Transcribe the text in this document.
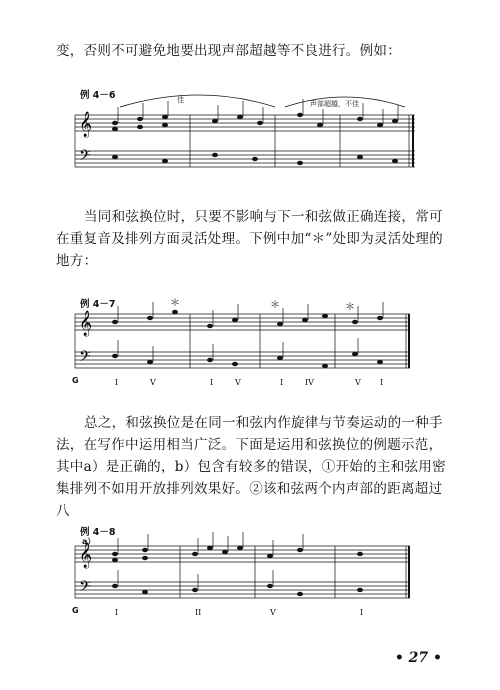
变，否则不可避免地要出现声部超越等不良进行。例如：

例 4－6	佳	声部超越，不佳
𝄞
𝄢

当同和弦换位时，只要不影响与下一和弦做正确连接，常可在重复音及排列方面灵活处理。下例中加“＊”处即为灵活处理的地方：

例 4－7
𝄞
𝄢
＊	＊	＊
G	I	V	I	V	I	IV	V I

总之，和弦换位是在同一和弦内作旋律与节奏运动的一种手法，在写作中运用相当广泛。下面是运用和弦换位的例题示范，其中a）是正确的，b）包含有较多的错误，①开始的主和弦用密集排列不如用开放排列效果好。②该和弦两个内声部的距离超过八

例 4－8
a）
𝄞
𝄢
G	I	II	V	I
• 27 •
